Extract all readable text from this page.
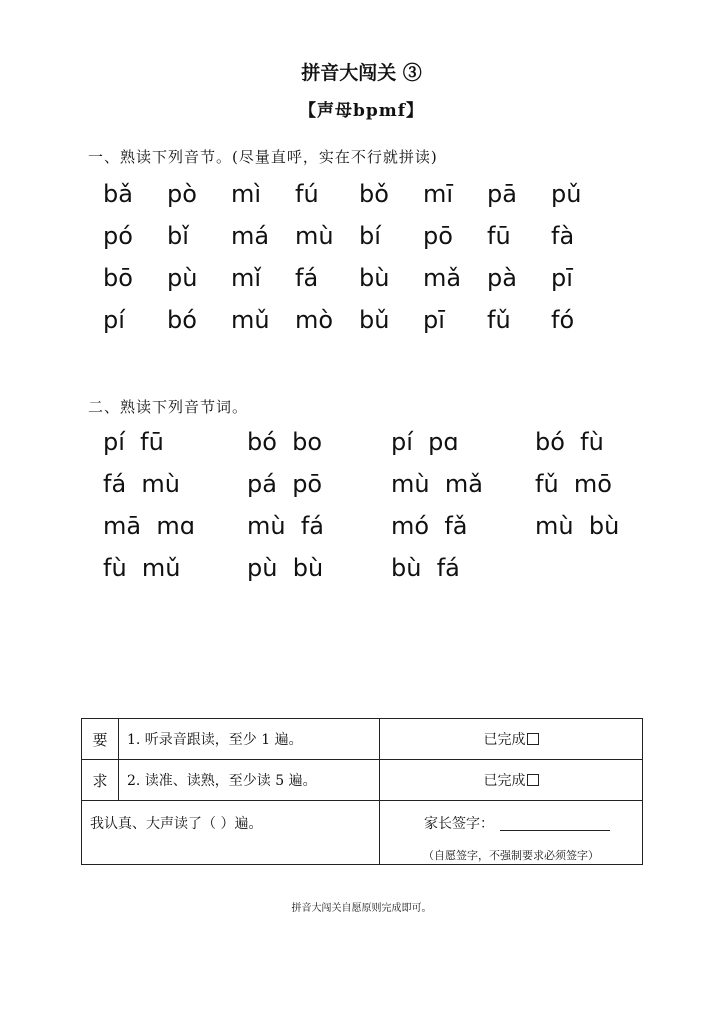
拼音大闯关 ③
【声母bpmf】
一、熟读下列音节。(尽量直呼，实在不行就拼读)
bǎ	pò	mì	fú	bǒ	mī	pā	pǔ
pó	bǐ	má	mù	bí	pō	fū	fà
bō	pù	mǐ	fá	bù	mǎ	pà	pī
pí	bó	mǔ	mò	bǔ	pī	fǔ	fó
二、熟读下列音节词。
pí  fū	bó  bo	pí  pɑ	bó  fù
fá  mù	pá  pō	mù  mǎ	fǔ  mō
mā  mɑ	mù  fá	mó  fǎ	mù  bù
fù  mǔ	pù  bù	bù  fá
要	1. 听录音跟读，至少 1 遍。	已完成
求	2. 读准、读熟，至少读 5 遍。	已完成
我认真、大声读了（ ）遍。		家长签字：
（自愿签字，不强制要求必须签字）
拼音大闯关自愿原则完成即可。
